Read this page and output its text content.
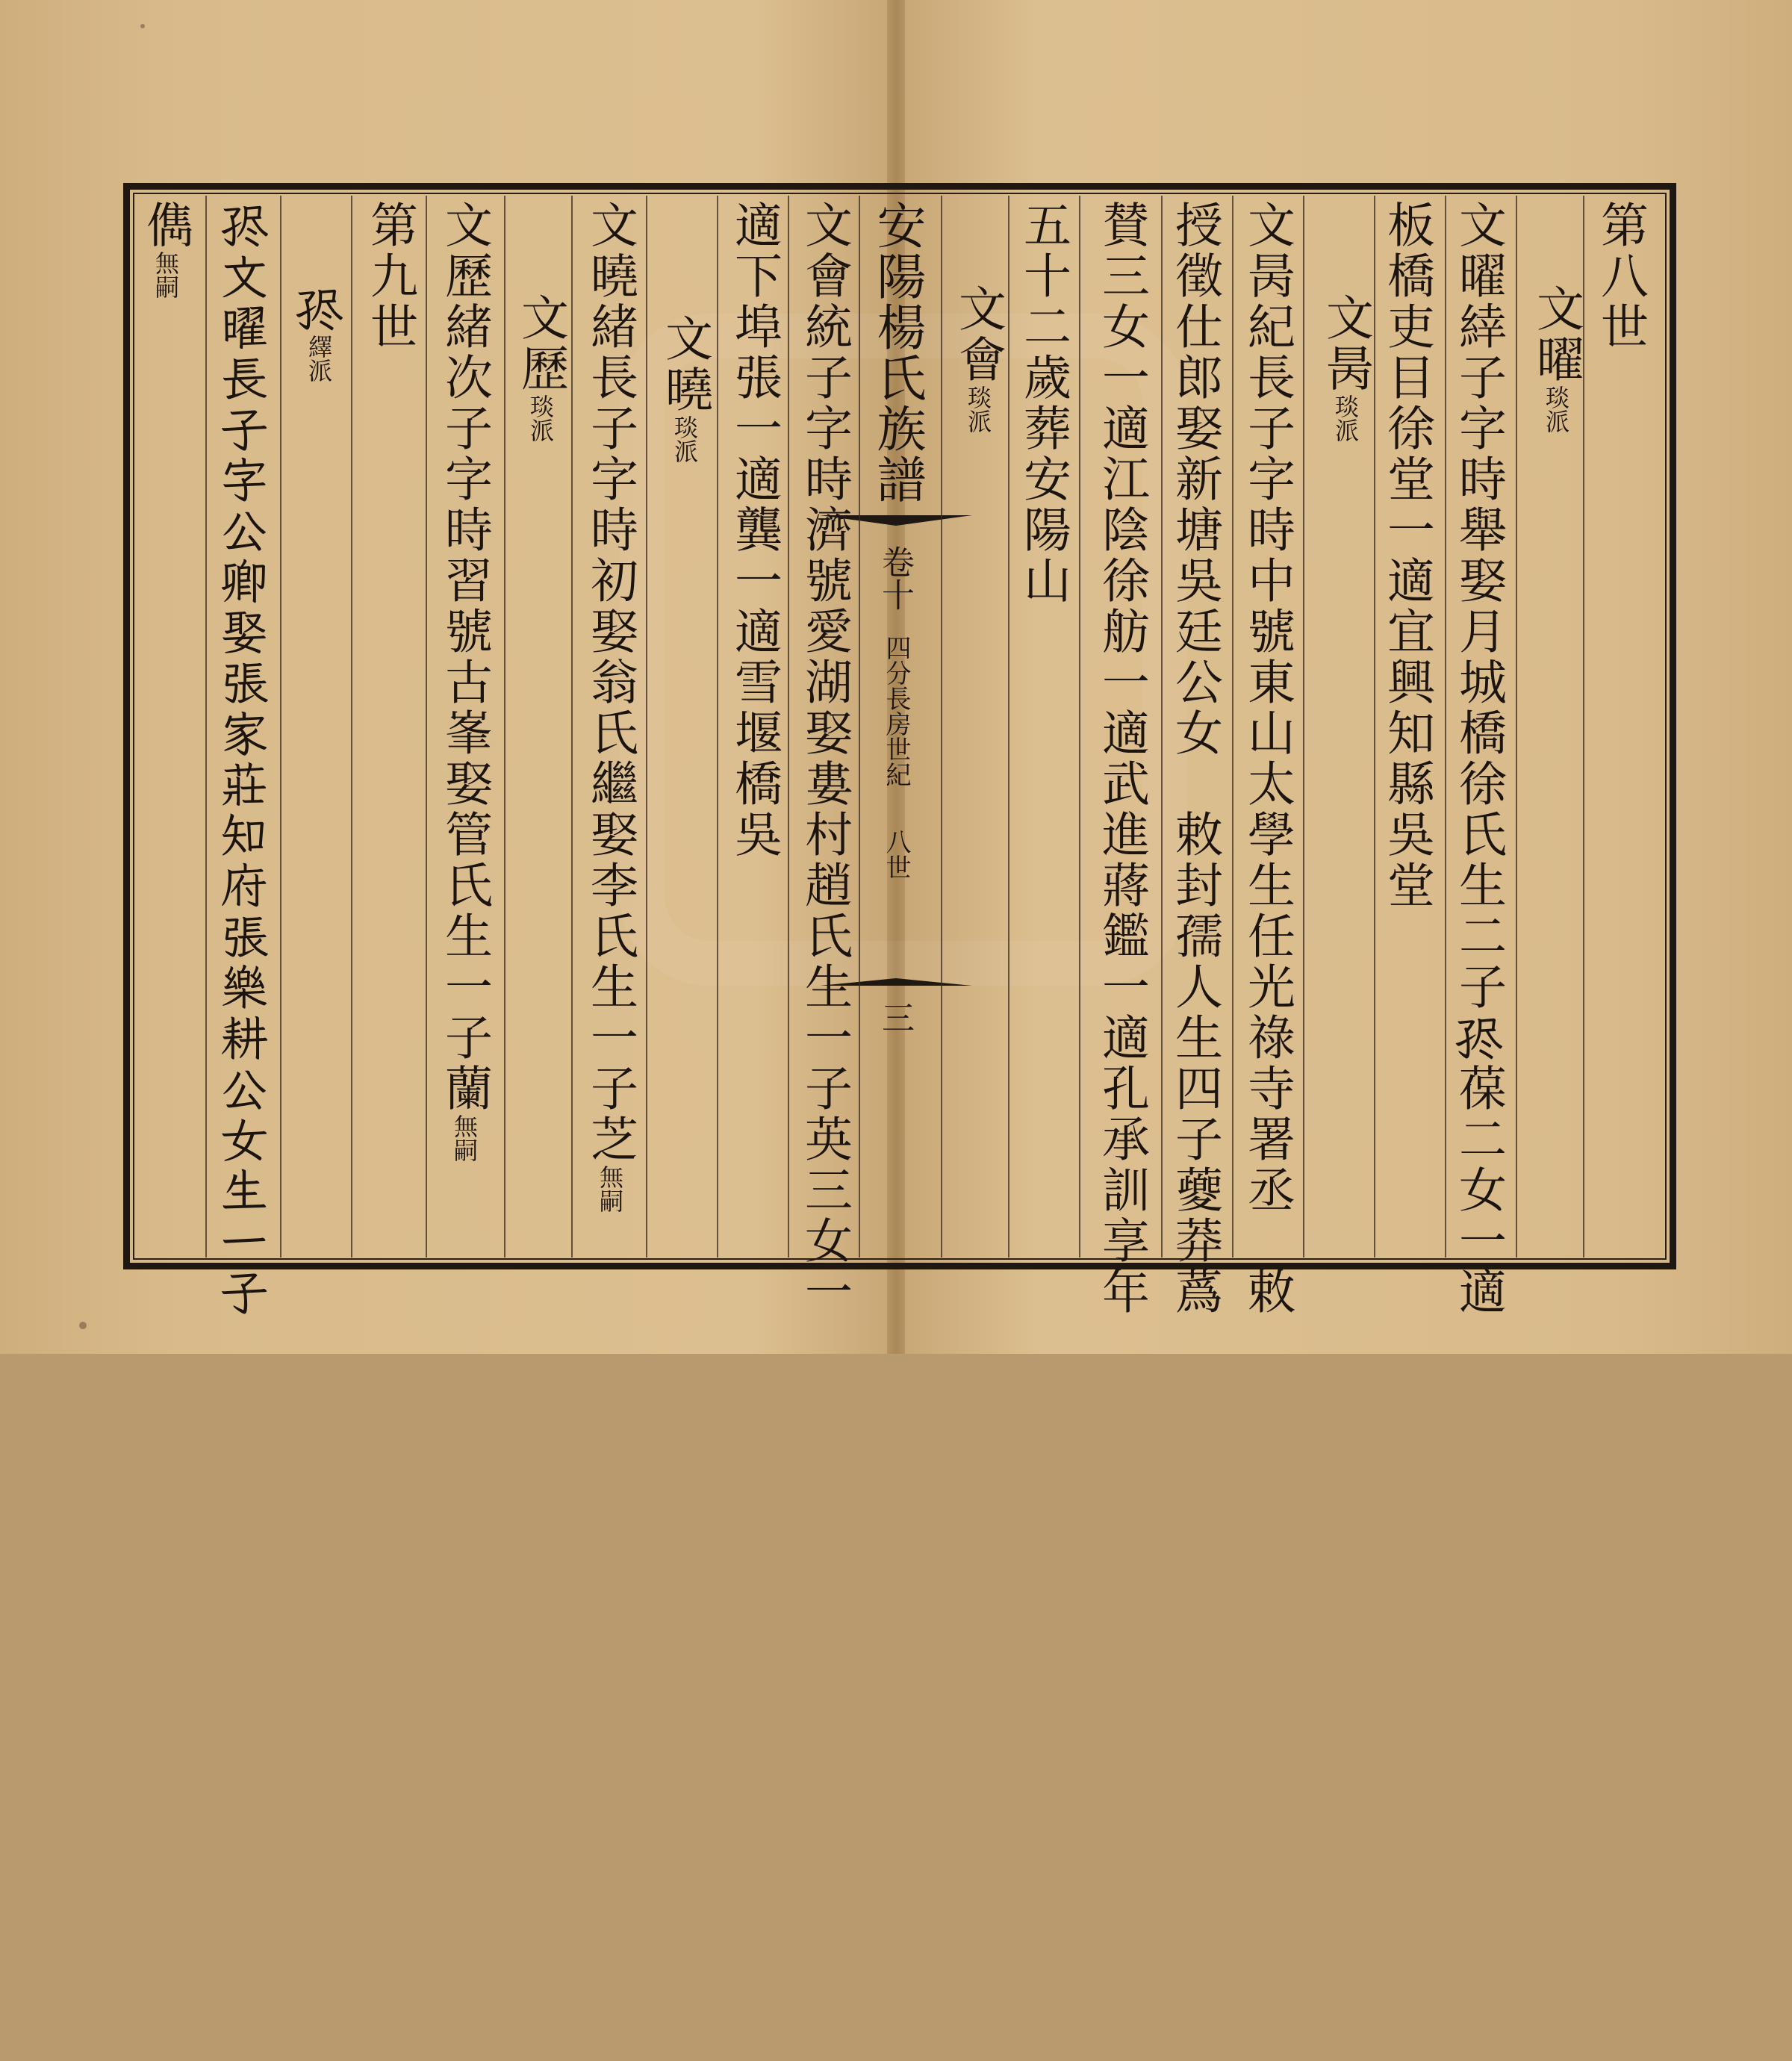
第八世
文曜琰派
文曜緈子字時舉娶月城橋徐氏生二子𡥧葆二女一適
板橋吏目徐堂一適宜興知縣吳堂
文昺琰派
文昺紀長子字時中號東山太學生任光祿寺署丞　敕
授徵仕郎娶新塘吳廷公女　敕封孺人生四子䕫莽蔿
賛三女一適江陰徐舫一適武進蔣鑑一適孔承訓享年
五十二歲葬安陽山
文會琰派
安陽楊氏族譜
卷十
四分長房世紀
八世
三
文會統子字時濟號愛湖娶婁村趙氏生一子英三女一
適下埠張一適龔一適雪堰橋吳
文曉琰派
文曉緒長子字時初娶翁氏繼娶李氏生一子芝無嗣
文歷琰派
文歷緒次子字時習號古峯娶管氏生一子蘭無嗣
第九世
𡥧繹派
𡥧文曜長子字公卿娶張家莊知府張樂耕公女生一子
儁無嗣
